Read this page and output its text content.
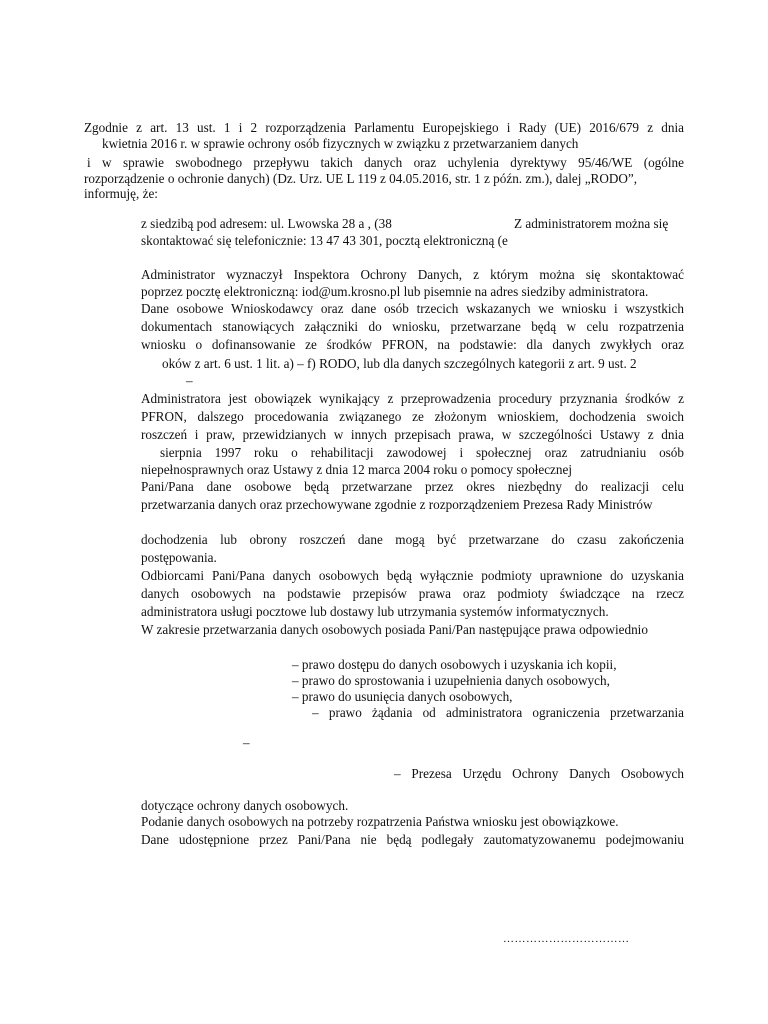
Zgodnie z art. 13 ust. 1 i 2 rozporządzenia Parlamentu Europejskiego i Rady (UE) 2016/679 z dnia

kwietnia 2016 r. w sprawie ochrony osób fizycznych w związku z przetwarzaniem danych

i w sprawie swobodnego przepływu takich danych oraz uchylenia dyrektywy 95/46/WE (ogólne

rozporządzenie o ochronie danych) (Dz. Urz. UE L 119 z 04.05.2016, str. 1 z późn. zm.), dalej „RODO”,

informuję, że:

z siedzibą pod adresem: ul. Lwowska 28 a , (38	Z administratorem można się

skontaktować się telefonicznie: 13 47 43 301, pocztą elektroniczną (e

Administrator wyznaczył Inspektora Ochrony Danych, z którym można się skontaktować

poprzez pocztę elektroniczną: iod@um.krosno.pl lub pisemnie na adres siedziby administratora.

Dane osobowe Wnioskodawcy oraz dane osób trzecich wskazanych we wniosku i wszystkich

dokumentach stanowiących załączniki do wniosku, przetwarzane będą w celu rozpatrzenia

wniosku o dofinansowanie ze środków PFRON, na podstawie: dla danych zwykłych oraz

oków z art. 6 ust. 1 lit. a) – f) RODO, lub dla danych szczególnych kategorii z art. 9 ust. 2

–

Administratora jest obowiązek wynikający z przeprowadzenia procedury przyznania środków z

PFRON, dalszego procedowania związanego ze złożonym wnioskiem, dochodzenia swoich

roszczeń i praw, przewidzianych w innych przepisach prawa, w szczególności Ustawy z dnia

sierpnia 1997 roku o rehabilitacji zawodowej i społecznej oraz zatrudnianiu osób

niepełnosprawnych oraz Ustawy z dnia 12 marca 2004 roku o pomocy społecznej

Pani/Pana dane osobowe będą przetwarzane przez okres niezbędny do realizacji celu

przetwarzania danych oraz przechowywane zgodnie z rozporządzeniem Prezesa Rady Ministrów

dochodzenia lub obrony roszczeń dane mogą być przetwarzane do czasu zakończenia

postępowania.

Odbiorcami Pani/Pana danych osobowych będą wyłącznie podmioty uprawnione do uzyskania

danych osobowych na podstawie przepisów prawa oraz podmioty świadczące na rzecz

administratora usługi pocztowe lub dostawy lub utrzymania systemów informatycznych.

W zakresie przetwarzania danych osobowych posiada Pani/Pan następujące prawa odpowiednio

– prawo dostępu do danych osobowych i uzyskania ich kopii,

– prawo do sprostowania i uzupełnienia danych osobowych,

– prawo do usunięcia danych osobowych,

– prawo żądania od administratora ograniczenia przetwarzania

–

– Prezesa Urzędu Ochrony Danych Osobowych

dotyczące ochrony danych osobowych.

Podanie danych osobowych na potrzeby rozpatrzenia Państwa wniosku jest obowiązkowe.

Dane udostępnione przez Pani/Pana nie będą podlegały zautomatyzowanemu podejmowaniu

……………………………
